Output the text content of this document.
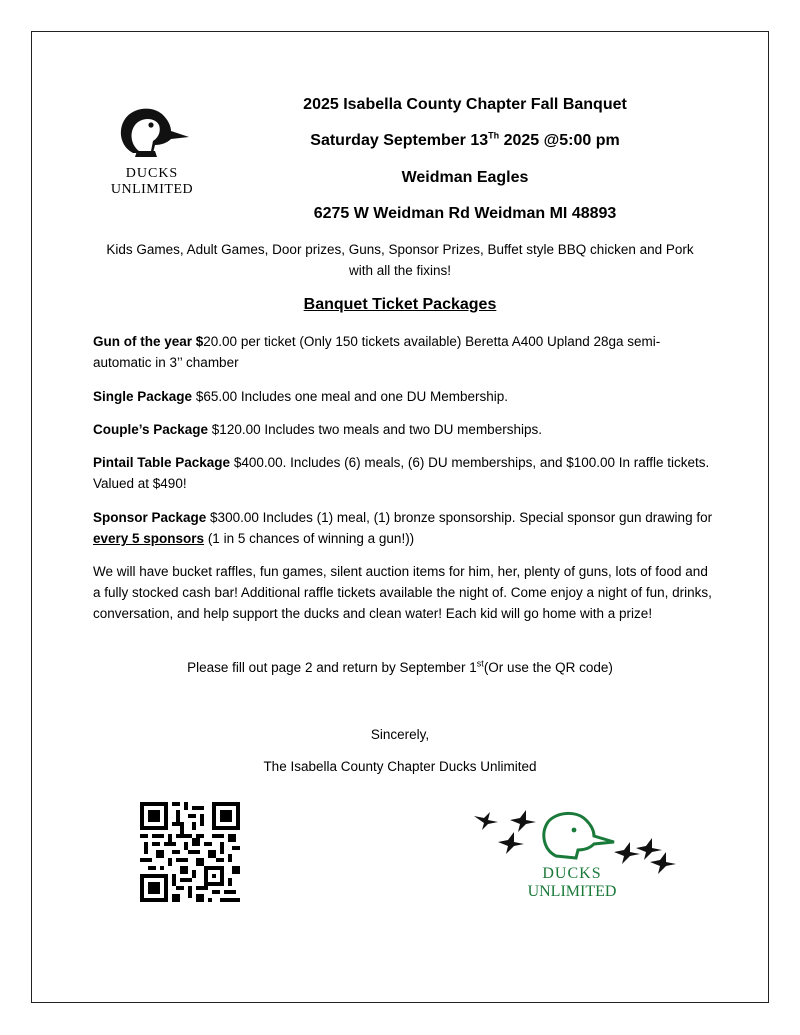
DUCKS
UNLIMITED
2025 Isabella County Chapter Fall Banquet
Saturday September 13Th 2025 @5:00 pm
Weidman Eagles
6275 W Weidman Rd Weidman MI 48893
Kids Games, Adult Games, Door prizes, Guns, Sponsor Prizes, Buffet style BBQ chicken and Pork with all the fixins!
Banquet Ticket Packages
Gun of the year $20.00 per ticket (Only 150 tickets available) Beretta A400 Upland 28ga semi-automatic in 3’’ chamber
Single Package $65.00 Includes one meal and one DU Membership.
Couple’s Package $120.00 Includes two meals and two DU memberships.
Pintail Table Package $400.00. Includes (6) meals, (6) DU memberships, and $100.00 In raffle tickets. Valued at $490!
Sponsor Package $300.00 Includes (1) meal, (1) bronze sponsorship. Special sponsor gun drawing for every 5 sponsors (1 in 5 chances of winning a gun!))
We will have bucket raffles, fun games, silent auction items for him, her, plenty of guns, lots of food and a fully stocked cash bar! Additional raffle tickets available the night of. Come enjoy a night of fun, drinks, conversation, and help support the ducks and clean water! Each kid will go home with a prize!
Please fill out page 2 and return by September 1st(Or use the QR code)
Sincerely,
The Isabella County Chapter Ducks Unlimited
DUCKS
UNLIMITED
